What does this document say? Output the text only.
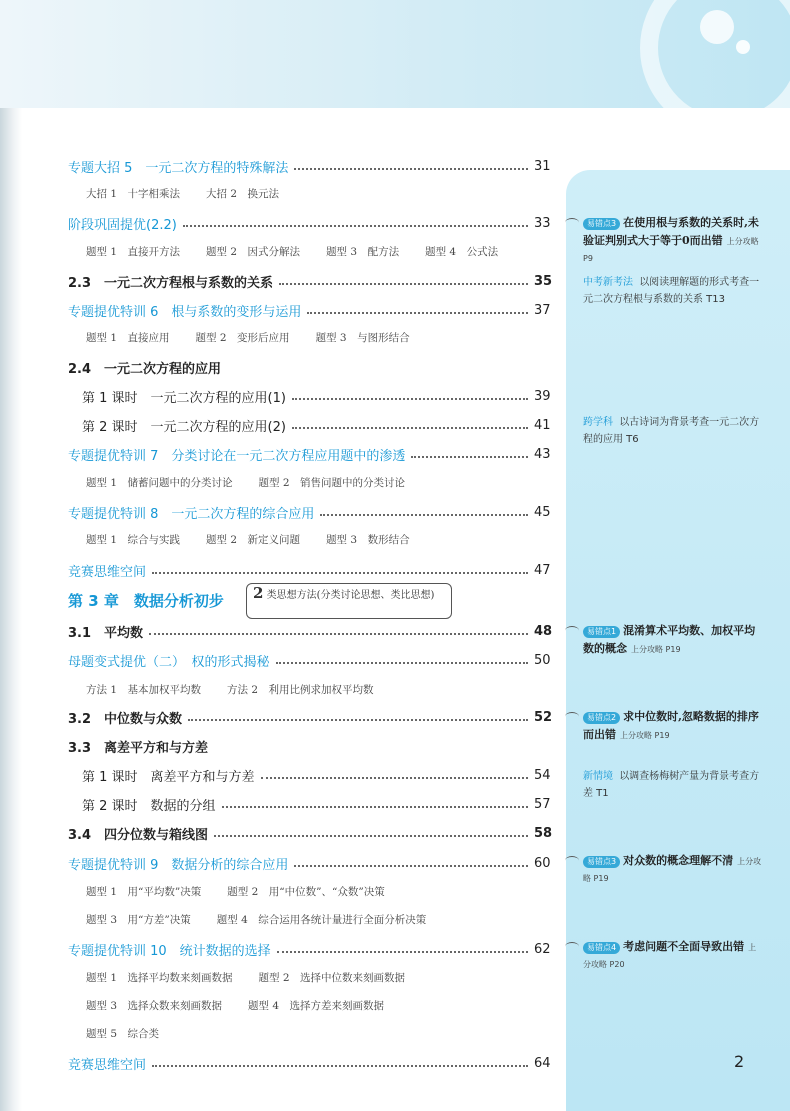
专题大招 5　一元二次方程的特殊解法	31
大招 1　十字相乘法 大招 2　换元法
阶段巩固提优(2.2)	33
题型 1　直接开方法 题型 2　因式分解法 题型 3　配方法 题型 4　公式法
2.3　一元二次方程根与系数的关系	35
专题提优特训 6　根与系数的变形与运用	37
题型 1　直接应用 题型 2　变形后应用 题型 3　与图形结合
2.4　一元二次方程的应用
第 1 课时　一元二次方程的应用(1)	39
第 2 课时　一元二次方程的应用(2)	41
专题提优特训 7　分类讨论在一元二次方程应用题中的渗透	43
题型 1　储蓄问题中的分类讨论 题型 2　销售问题中的分类讨论
专题提优特训 8　一元二次方程的综合应用	45
题型 1　综合与实践 题型 2　新定义问题 题型 3　数形结合
竞赛思维空间	47
第 3 章　数据分析初步	2 类思想方法(分类讨论思想、类比思想)
3.1　平均数	48
母题变式提优（二）　权的形式揭秘	50
方法 1　基本加权平均数 方法 2　利用比例求加权平均数
3.2　中位数与众数	52
3.3　离差平方和与方差
第 1 课时　离差平方和与方差	54
第 2 课时　数据的分组	57
3.4　四分位数与箱线图	58
专题提优特训 9　数据分析的综合应用	60
题型 1　用“平均数”决策 题型 2　用“中位数”、“众数”决策
题型 3　用“方差”决策 题型 4　综合运用各统计量进行全面分析决策
专题提优特训 10　统计数据的选择	62
题型 1　选择平均数来刻画数据 题型 2　选择中位数来刻画数据
题型 3　选择众数来刻画数据 题型 4　选择方差来刻画数据
题型 5　综合类
竞赛思维空间	64
易错点3 在使用根与系数的关系时,未验证判别式大于等于0而出错 上分攻略 P9
中考新考法 以阅读理解题的形式考查一元二次方程根与系数的关系 T13
跨学科 以古诗词为背景考查一元二次方程的应用 T6
易错点1 混淆算术平均数、加权平均数的概念 上分攻略 P19
易错点2 求中位数时,忽略数据的排序而出错 上分攻略 P19
新情境 以调查杨梅树产量为背景考查方差 T1
易错点3 对众数的概念理解不清 上分攻略 P19
易错点4 考虑问题不全面导致出错 上分攻略 P20
2
